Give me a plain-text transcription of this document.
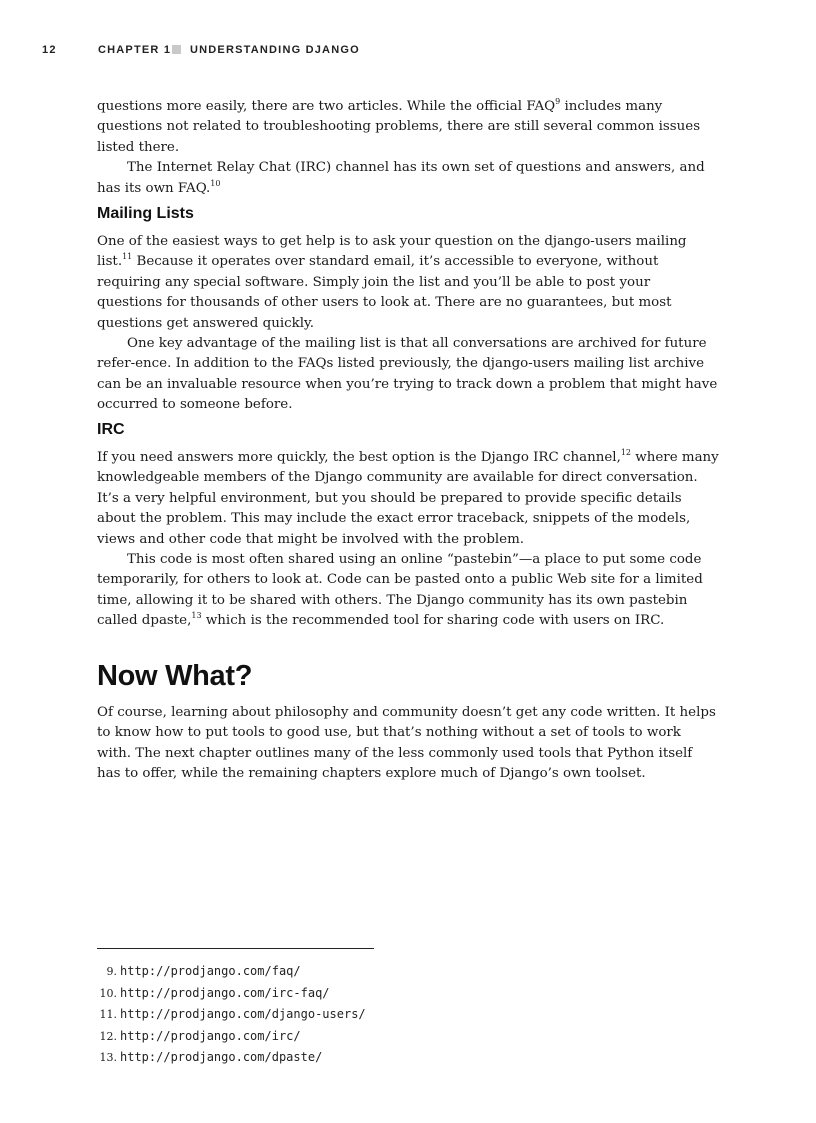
12	CHAPTER 1 UNDERSTANDING DJANGO

questions more easily, there are two articles. While the official FAQ$^9$ includes many questions not related to troubleshooting problems, there are still several common issues listed there.

The Internet Relay Chat (IRC) channel has its own set of questions and answers, and has its own FAQ.$^{10}$

Mailing Lists

One of the easiest ways to get help is to ask your question on the django-users mailing list.$^{11}$ Because it operates over standard email, it’s accessible to everyone, without requiring any special software. Simply join the list and you’ll be able to post your questions for thousands of other users to look at. There are no guarantees, but most questions get answered quickly.

One key advantage of the mailing list is that all conversations are archived for future refer-ence. In addition to the FAQs listed previously, the django-users mailing list archive can be an invaluable resource when you’re trying to track down a problem that might have occurred to someone before.

IRC

If you need answers more quickly, the best option is the Django IRC channel,$^{12}$ where many knowledgeable members of the Django community are available for direct conversation. It’s a very helpful environment, but you should be prepared to provide specific details about the problem. This may include the exact error traceback, snippets of the models, views and other code that might be involved with the problem.

This code is most often shared using an online “pastebin”—a place to put some code temporarily, for others to look at. Code can be pasted onto a public Web site for a limited time, allowing it to be shared with others. The Django community has its own pastebin called dpaste,$^{13}$ which is the recommended tool for sharing code with users on IRC.

Now What?

Of course, learning about philosophy and community doesn’t get any code written. It helps to know how to put tools to good use, but that’s nothing without a set of tools to work with. The next chapter outlines many of the less commonly used tools that Python itself has to offer, while the remaining chapters explore much of Django’s own toolset.

9. http://prodjango.com/faq/
10. http://prodjango.com/irc-faq/
11. http://prodjango.com/django-users/
12. http://prodjango.com/irc/
13. http://prodjango.com/dpaste/
